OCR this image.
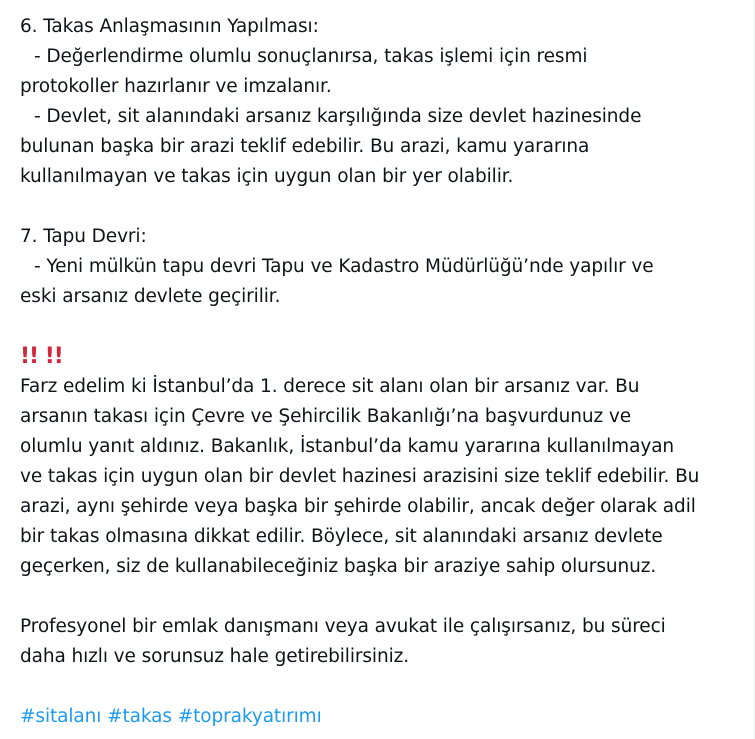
6. Takas Anlaşmasının Yapılması:
- Değerlendirme olumlu sonuçlanırsa, takas işlemi için resmi
protokoller hazırlanır ve imzalanır.
- Devlet, sit alanındaki arsanız karşılığında size devlet hazinesinde
bulunan başka bir arazi teklif edebilir. Bu arazi, kamu yararına
kullanılmayan ve takas için uygun olan bir yer olabilir.
7. Tapu Devri:
- Yeni mülkün tapu devri Tapu ve Kadastro Müdürlüğü’nde yapılır ve
eski arsanız devlete geçirilir.
!! !!
Farz edelim ki İstanbul’da 1. derece sit alanı olan bir arsanız var. Bu
arsanın takası için Çevre ve Şehircilik Bakanlığı’na başvurdunuz ve
olumlu yanıt aldınız. Bakanlık, İstanbul’da kamu yararına kullanılmayan
ve takas için uygun olan bir devlet hazinesi arazisini size teklif edebilir. Bu
arazi, aynı şehirde veya başka bir şehirde olabilir, ancak değer olarak adil
bir takas olmasına dikkat edilir. Böylece, sit alanındaki arsanız devlete
geçerken, siz de kullanabileceğiniz başka bir araziye sahip olursunuz.
Profesyonel bir emlak danışmanı veya avukat ile çalışırsanız, bu süreci
daha hızlı ve sorunsuz hale getirebilirsiniz.
#sitalanı #takas #toprakyatırımı
